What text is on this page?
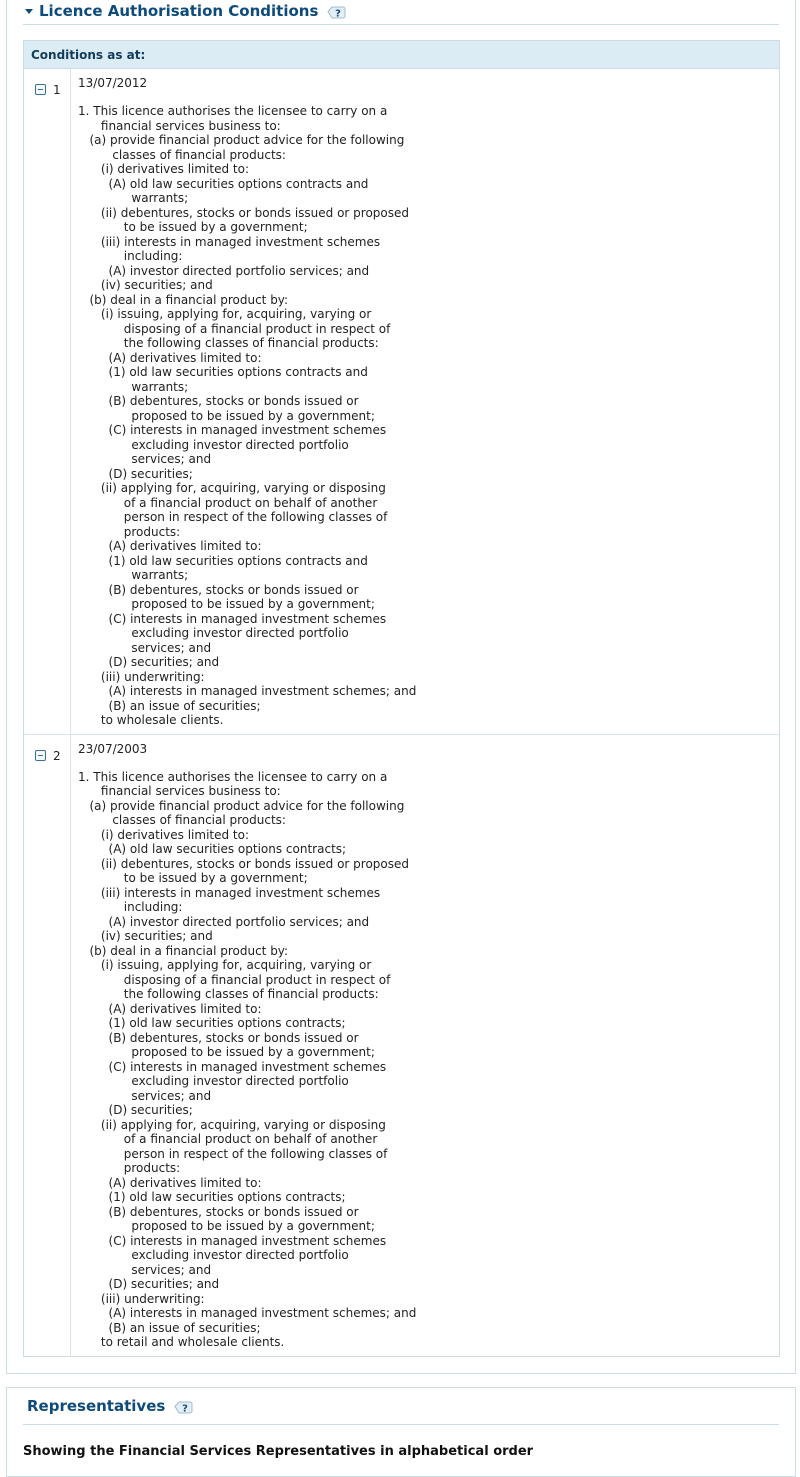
Licence Authorisation Conditions ?
Conditions as at:
1 13/07/2012
1. This licence authorises the licensee to carry on a
financial services business to:
(a) provide financial product advice for the following
classes of financial products:
(i) derivatives limited to:
(A) old law securities options contracts and
warrants;
(ii) debentures, stocks or bonds issued or proposed
to be issued by a government;
(iii) interests in managed investment schemes
including:
(A) investor directed portfolio services; and
(iv) securities; and
(b) deal in a financial product by:
(i) issuing, applying for, acquiring, varying or
disposing of a financial product in respect of
the following classes of financial products:
(A) derivatives limited to:
(1) old law securities options contracts and
warrants;
(B) debentures, stocks or bonds issued or
proposed to be issued by a government;
(C) interests in managed investment schemes
excluding investor directed portfolio
services; and
(D) securities;
(ii) applying for, acquiring, varying or disposing
of a financial product on behalf of another
person in respect of the following classes of
products:
(A) derivatives limited to:
(1) old law securities options contracts and
warrants;
(B) debentures, stocks or bonds issued or
proposed to be issued by a government;
(C) interests in managed investment schemes
excluding investor directed portfolio
services; and
(D) securities; and
(iii) underwriting:
(A) interests in managed investment schemes; and
(B) an issue of securities;
to wholesale clients.
2 23/07/2003
1. This licence authorises the licensee to carry on a
financial services business to:
(a) provide financial product advice for the following
classes of financial products:
(i) derivatives limited to:
(A) old law securities options contracts;
(ii) debentures, stocks or bonds issued or proposed
to be issued by a government;
(iii) interests in managed investment schemes
including:
(A) investor directed portfolio services; and
(iv) securities; and
(b) deal in a financial product by:
(i) issuing, applying for, acquiring, varying or
disposing of a financial product in respect of
the following classes of financial products:
(A) derivatives limited to:
(1) old law securities options contracts;
(B) debentures, stocks or bonds issued or
proposed to be issued by a government;
(C) interests in managed investment schemes
excluding investor directed portfolio
services; and
(D) securities;
(ii) applying for, acquiring, varying or disposing
of a financial product on behalf of another
person in respect of the following classes of
products:
(A) derivatives limited to:
(1) old law securities options contracts;
(B) debentures, stocks or bonds issued or
proposed to be issued by a government;
(C) interests in managed investment schemes
excluding investor directed portfolio
services; and
(D) securities; and
(iii) underwriting:
(A) interests in managed investment schemes; and
(B) an issue of securities;
to retail and wholesale clients.
Representatives ?
Showing the Financial Services Representatives in alphabetical order
